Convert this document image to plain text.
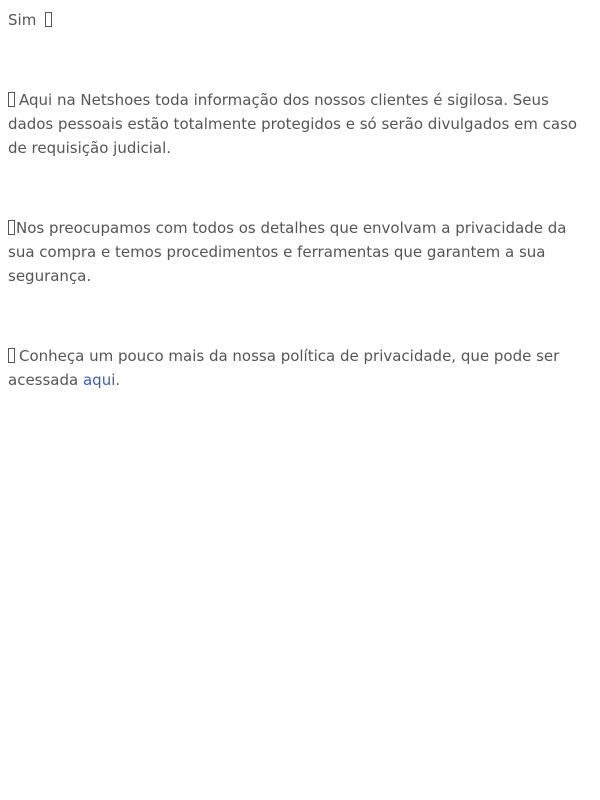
Sim

Aqui na Netshoes toda informação dos nossos clientes é sigilosa. Seus dados pessoais estão totalmente protegidos e só serão divulgados em caso de requisição judicial.

Nos preocupamos com todos os detalhes que envolvam a privacidade da sua compra e temos procedimentos e ferramentas que garantem a sua segurança.

Conheça um pouco mais da nossa política de privacidade, que pode ser acessada aqui.
